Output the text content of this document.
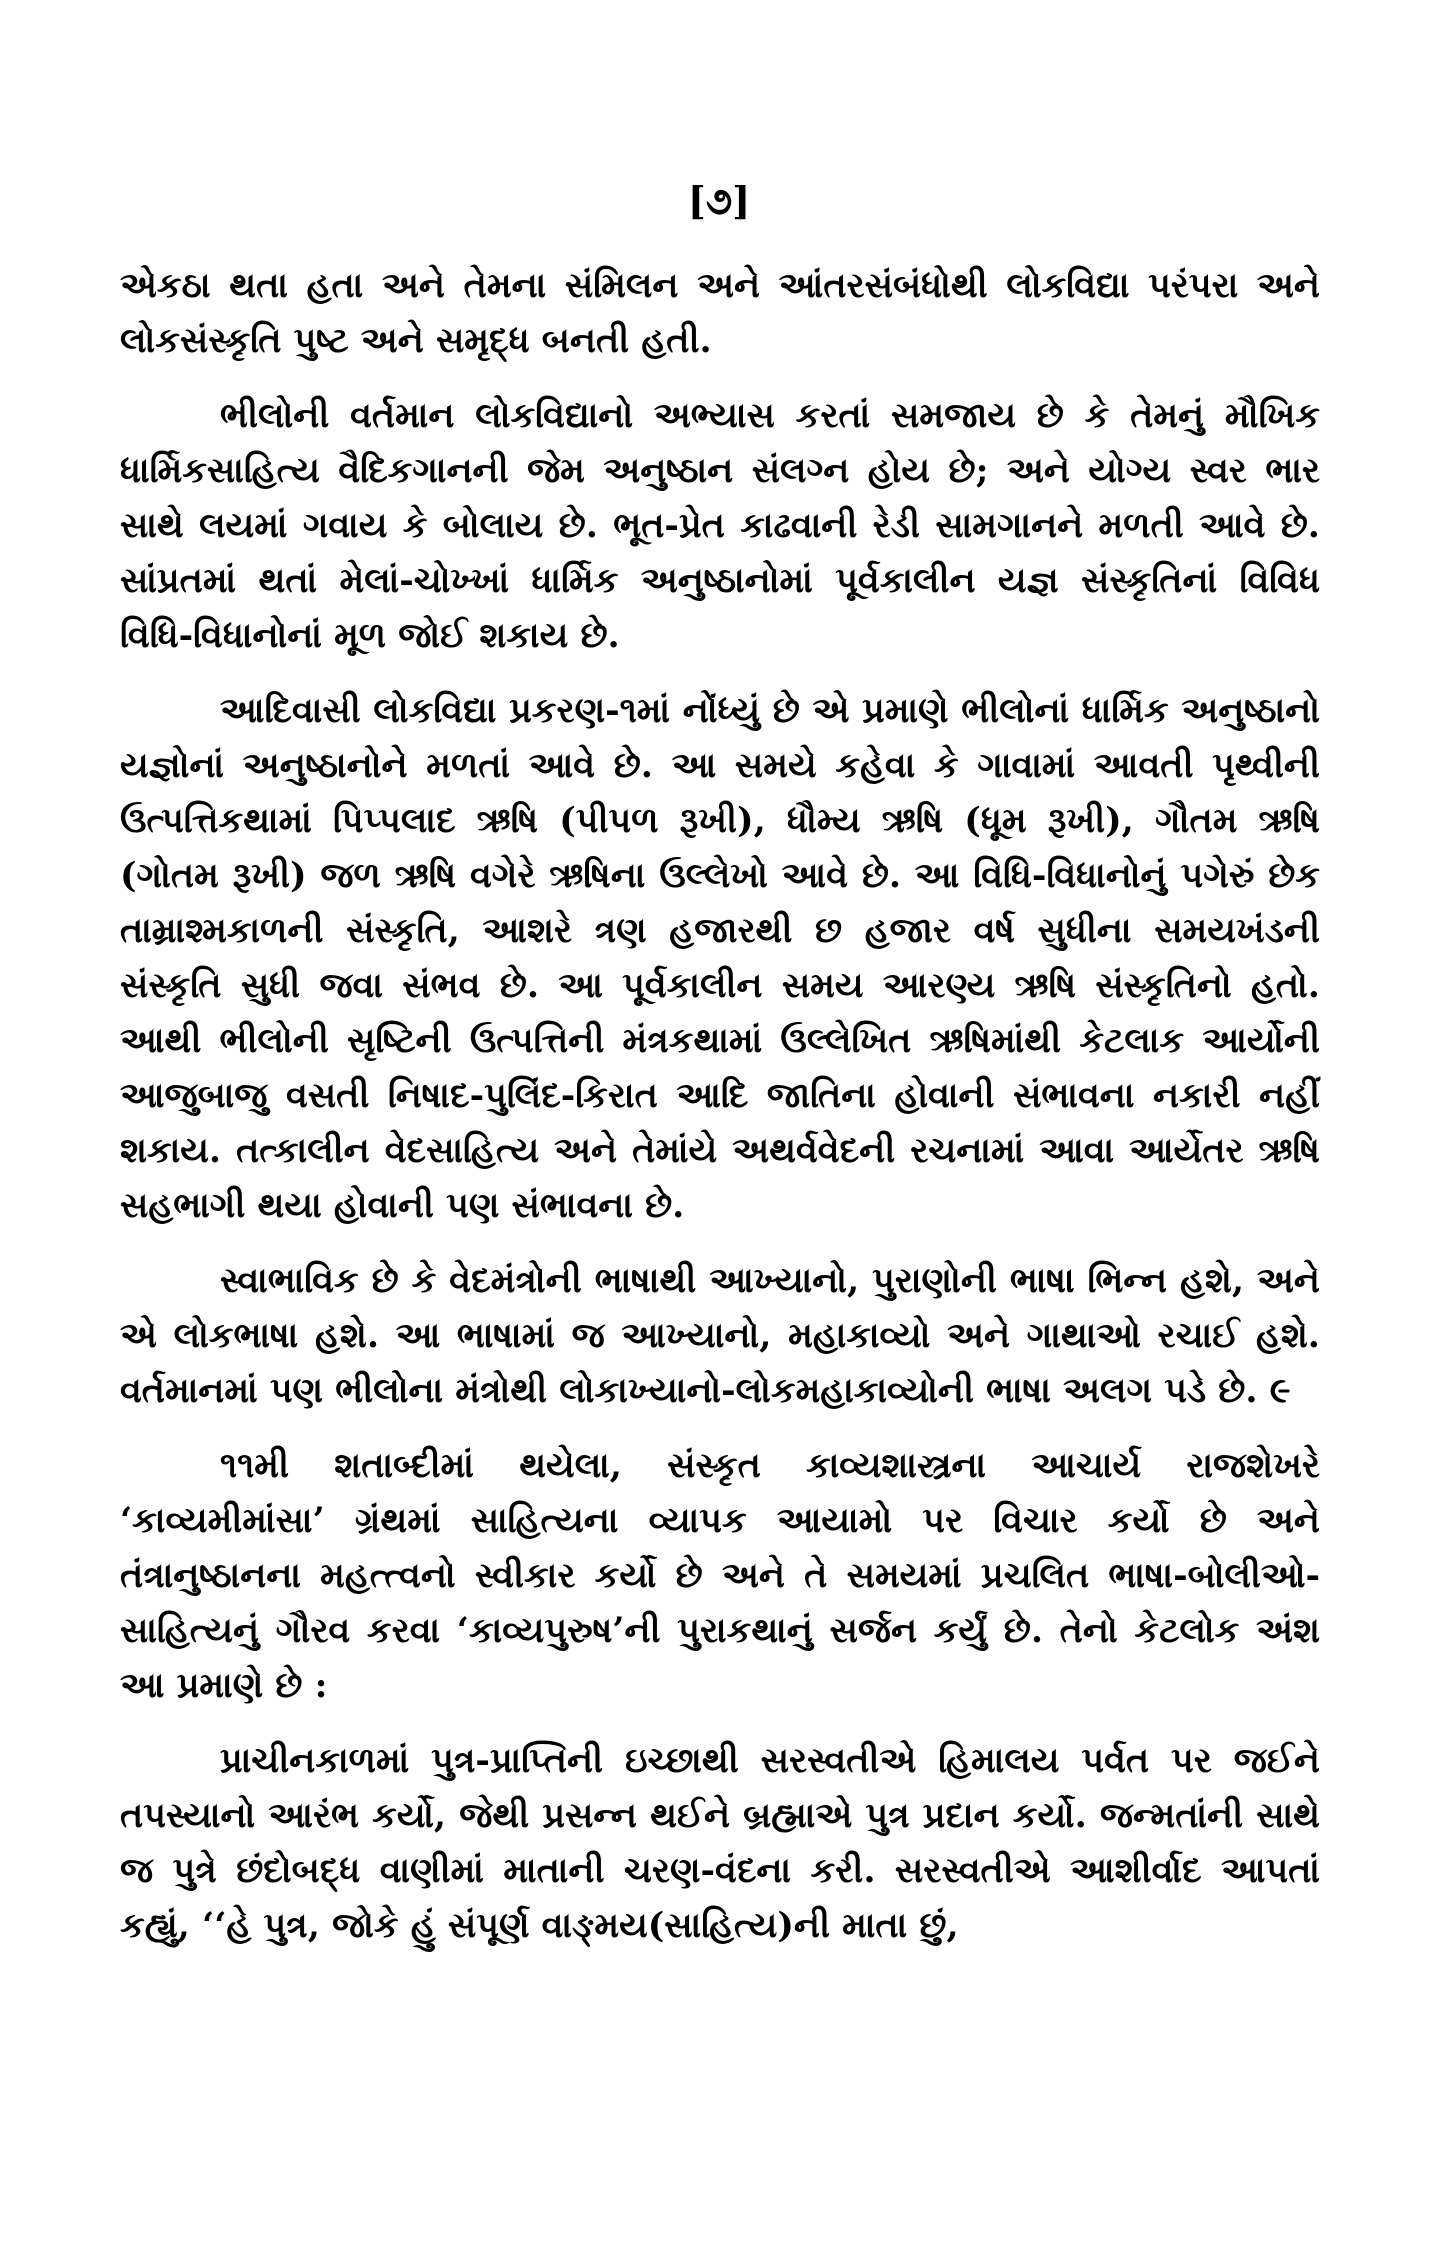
[૭]

એકઠા થતા હતા અને તેમના સંમિલન અને આંતરસંબંધોથી લોકવિદ્યા પરંપરા અને લોકસંસ્કૃતિ પુષ્ટ અને સમૃદ્ધ બનતી હતી.

ભીલોની વર્તમાન લોકવિદ્યાનો અભ્યાસ કરતાં સમજાય છે કે તેમનું મૌખિક ધાર્મિકસાહિત્ય વૈદિકગાનની જેમ અનુષ્ઠાન સંલગ્ન હોય છે; અને યોગ્ય સ્વર ભાર સાથે લયમાં ગવાય કે બોલાય છે. ભૂત-પ્રેત કાઢવાની રેડી સામગાનને મળતી આવે છે. સાંપ્રતમાં થતાં મેલાં-ચોખ્ખાં ધાર્મિક અનુષ્ઠાનોમાં પૂર્વકાલીન યજ્ઞ સંસ્કૃતિનાં વિવિધ વિધિ-વિધાનોનાં મૂળ જોઈ શકાય છે.

આદિવાસી લોકવિદ્યા પ્રકરણ-૧માં નોંધ્યું છે એ પ્રમાણે ભીલોનાં ધાર્મિક અનુષ્ઠાનો યજ્ઞોનાં અનુષ્ઠાનોને મળતાં આવે છે. આ સમયે કહેવા કે ગાવામાં આવતી પૃથ્વીની ઉત્પત્તિકથામાં પિપ્પલાદ ઋષિ (પીપળ રૂખી), ધૌમ્ય ઋષિ (ધૂમ રૂખી), ગૌતમ ઋષિ (ગોતમ રૂખી) જળ ઋષિ વગેરે ઋષિના ઉલ્લેખો આવે છે. આ વિધિ-વિધાનોનું પગેરું છેક તામ્રાશ્મકાળની સંસ્કૃતિ, આશરે ત્રણ હજારથી છ હજાર વર્ષ સુધીના સમયખંડની સંસ્કૃતિ સુધી જવા સંભવ છે. આ પૂર્વકાલીન સમય આરણ્ય ઋષિ સંસ્કૃતિનો હતો. આથી ભીલોની સૃષ્ટિની ઉત્પત્તિની મંત્રકથામાં ઉલ્લેખિત ઋષિમાંથી કેટલાક આર્યોની આજુબાજુ વસતી નિષાદ-પુલિંદ-કિરાત આદિ જાતિના હોવાની સંભાવના નકારી નહીં શકાય. તત્કાલીન વેદસાહિત્ય અને તેમાંયે અથર્વવેદની રચનામાં આવા આર્યેતર ઋષિ સહભાગી થયા હોવાની પણ સંભાવના છે.

સ્વાભાવિક છે કે વેદમંત્રોની ભાષાથી આખ્યાનો, પુરાણોની ભાષા ભિન્ન હશે, અને એ લોકભાષા હશે. આ ભાષામાં જ આખ્યાનો, મહાકાવ્યો અને ગાથાઓ રચાઈ હશે. વર્તમાનમાં પણ ભીલોના મંત્રોથી લોકાખ્યાનો-લોકમહાકાવ્યોની ભાષા અલગ પડે છે. ૯

૧૧મી શતાબ્દીમાં થયેલા, સંસ્કૃત કાવ્યશાસ્ત્રના આચાર્ય રાજશેખરે ‘કાવ્યમીમાંસા’ ગ્રંથમાં સાહિત્યના વ્યાપક આયામો પર વિચાર કર્યો છે અને તંત્રાનુષ્ઠાનના મહત્ત્વનો સ્વીકાર કર્યો છે અને તે સમયમાં પ્રચલિત ભાષા-બોલીઓ-સાહિત્યનું ગૌરવ કરવા ‘કાવ્યપુરુષ’ની પુરાકથાનું સર્જન કર્યું છે. તેનો કેટલોક અંશ આ પ્રમાણે છે :

પ્રાચીનકાળમાં પુત્ર-પ્રાપ્તિની ઇચ્છાથી સરસ્વતીએ હિમાલય પર્વત પર જઈને તપસ્યાનો આરંભ કર્યો, જેથી પ્રસન્ન થઈને બ્રહ્માએ પુત્ર પ્રદાન કર્યો. જન્મતાંની સાથે જ પુત્રે છંદોબદ્ધ વાણીમાં માતાની ચરણ-વંદના કરી. સરસ્વતીએ આશીર્વાદ આપતાં કહ્યું, ‘‘હે પુત્ર, જોકે હું સંપૂર્ણ વાઙ્મય(સાહિત્ય)ની માતા છું,
